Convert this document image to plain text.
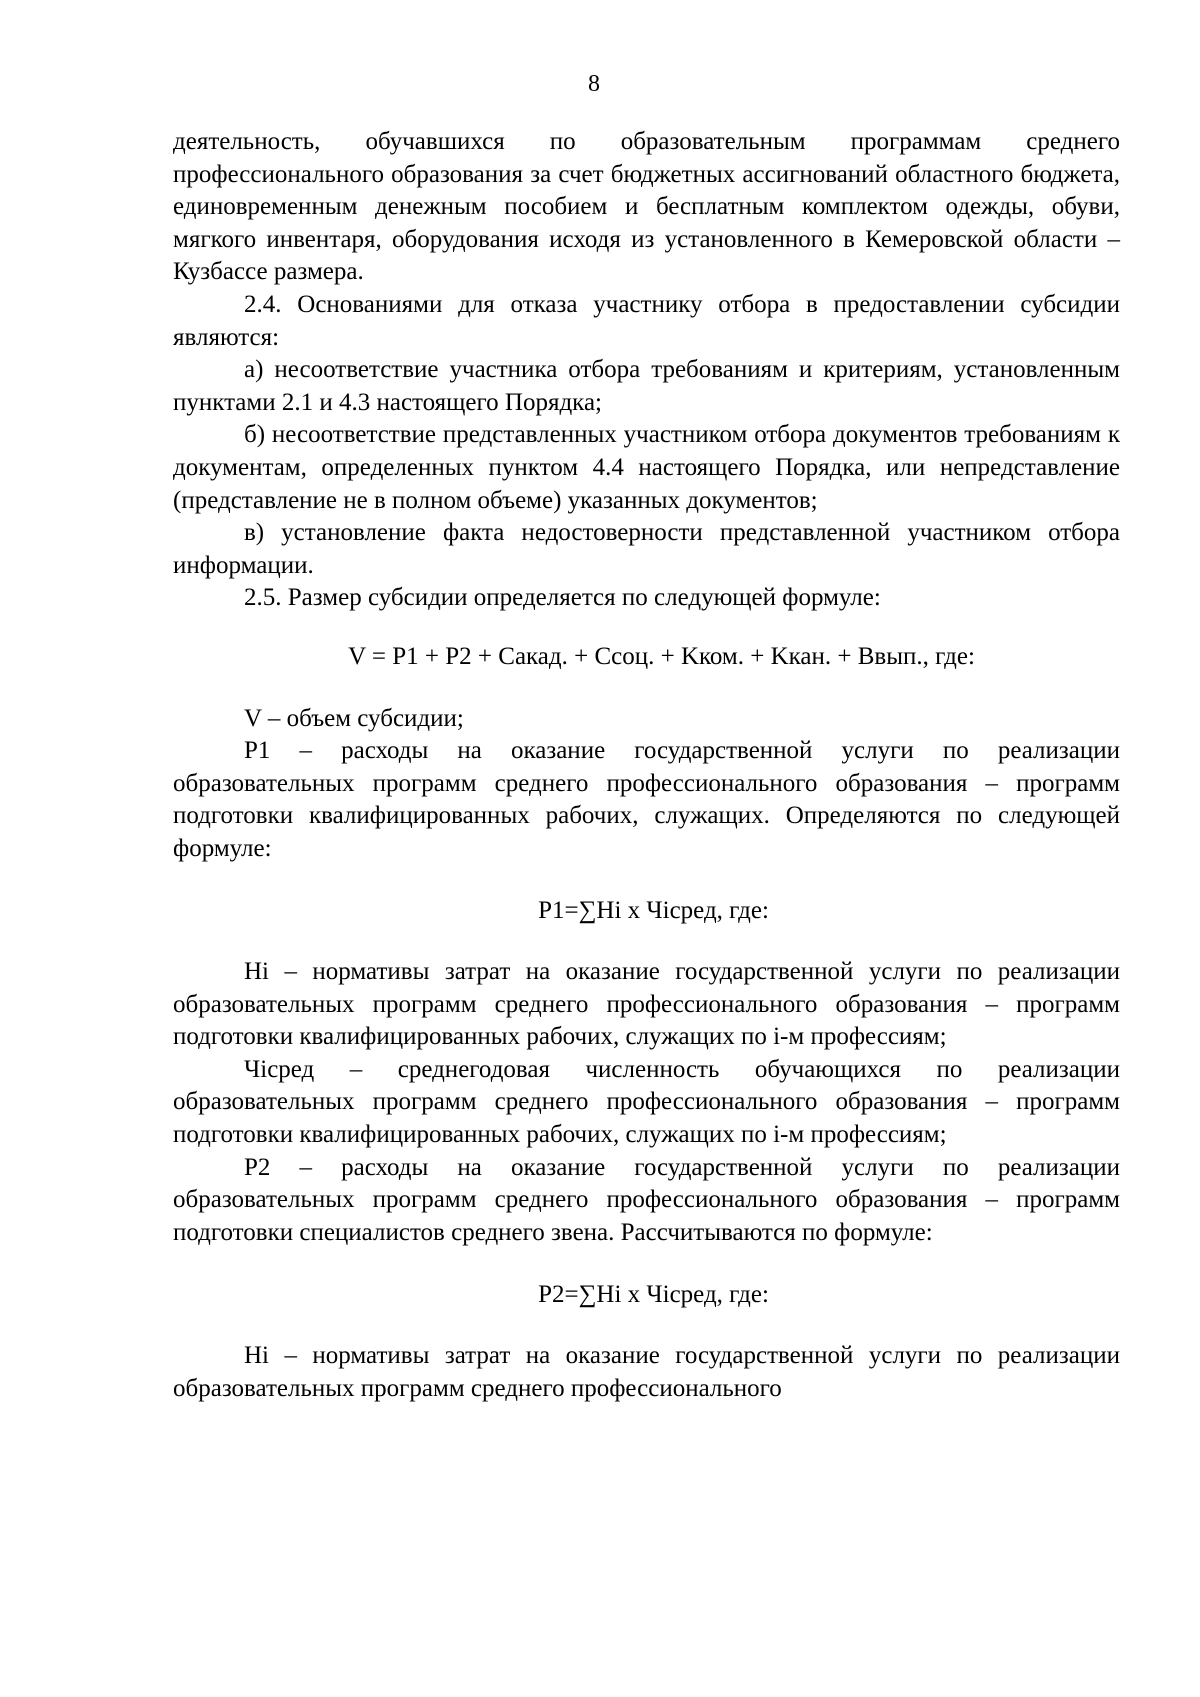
8

деятельность, обучавшихся по образовательным программам среднего профессионального образования за счет бюджетных ассигнований областного бюджета, единовременным денежным пособием и бесплатным комплектом одежды, обуви, мягкого инвентаря, оборудования исходя из установленного в Кемеровской области – Кузбассе размера.

2.4. Основаниями для отказа участнику отбора в предоставлении субсидии являются:

а) несоответствие участника отбора требованиям и критериям, установленным пунктами 2.1 и 4.3 настоящего Порядка;

б) несоответствие представленных участником отбора документов требованиям к документам, определенных пунктом 4.4 настоящего Порядка, или непредставление (представление не в полном объеме) указанных документов;

в) установление факта недостоверности представленной участником отбора информации.

2.5. Размер субсидии определяется по следующей формуле:

V = P1 + P2 + Cакад. + Cсоц. + Kком. + Kкан. + Bвып., где:

V – объем субсидии;

P1 – расходы на оказание государственной услуги по реализации образовательных программ среднего профессионального образования – программ подготовки квалифицированных рабочих, служащих. Определяются по следующей формуле:

P1=∑Hi x Чiсред, где:

Hi – нормативы затрат на оказание государственной услуги по реализации образовательных программ среднего профессионального образования – программ подготовки квалифицированных рабочих, служащих по i-м профессиям;

Чiсред – среднегодовая численность обучающихся по реализации образовательных программ среднего профессионального образования – программ подготовки квалифицированных рабочих, служащих по i-м профессиям;

P2 – расходы на оказание государственной услуги по реализации образовательных программ среднего профессионального образования – программ подготовки специалистов среднего звена. Рассчитываются по формуле:

P2=∑Hi x Чiсред, где:

Hi – нормативы затрат на оказание государственной услуги по реализации образовательных программ среднего профессионального
